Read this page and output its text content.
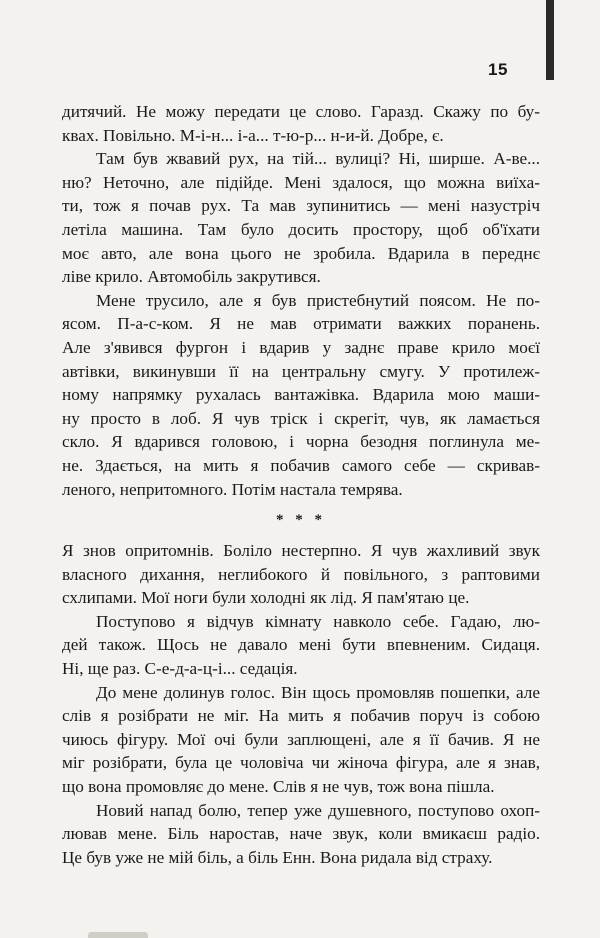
15
дитячий. Не можу передати це слово. Гаразд. Скажу по бу-
квах. Повільно. М-і-н... і-а... т-ю-р... н-и-й. Добре, є.
Там був жвавий рух, на тій... вулиці? Ні, ширше. А-ве...
ню? Неточно, але підійде. Мені здалося, що можна виїха-
ти, тож я почав рух. Та мав зупинитись — мені назустріч
летіла машина. Там було досить простору, щоб об'їхати
моє авто, але вона цього не зробила. Вдарила в переднє
ліве крило. Автомобіль закрутився.
Мене трусило, але я був пристебнутий поясом. Не по-
ясом. П-а-с-ком. Я не мав отримати важких поранень.
Але з'явився фургон і вдарив у заднє праве крило моєї
автівки, викинувши її на центральну смугу. У протилеж-
ному напрямку рухалась вантажівка. Вдарила мою маши-
ну просто в лоб. Я чув тріск і скрегіт, чув, як ламається
скло. Я вдарився головою, і чорна безодня поглинула ме-
не. Здається, на мить я побачив самого себе — скривав-
леного, непритомного. Потім настала темрява.
* * *
Я знов опритомнів. Боліло нестерпно. Я чув жахливий звук
власного дихання, неглибокого й повільного, з раптовими
схлипами. Мої ноги були холодні як лід. Я пам'ятаю це.
Поступово я відчув кімнату навколо себе. Гадаю, лю-
дей також. Щось не давало мені бути впевненим. Сидаця.
Ні, ще раз. С-е-д-а-ц-і... седація.
До мене долинув голос. Він щось промовляв пошепки, але
слів я розібрати не міг. На мить я побачив поруч із собою
чиюсь фігуру. Мої очі були заплющені, але я її бачив. Я не
міг розібрати, була це чоловіча чи жіноча фігура, але я знав,
що вона промовляє до мене. Слів я не чув, тож вона пішла.
Новий напад болю, тепер уже душевного, поступово охоп-
лював мене. Біль наростав, наче звук, коли вмикаєш радіо.
Це був уже не мій біль, а біль Енн. Вона ридала від страху.
